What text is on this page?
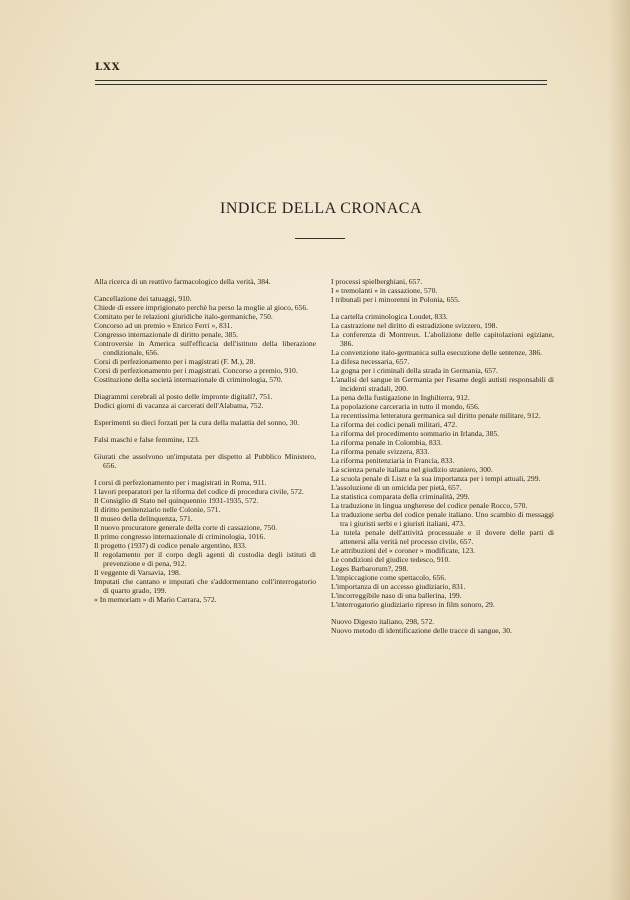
LXX
INDICE DELLA CRONACA

Alla ricerca di un reattivo farmacologico della verità, 384.

Cancellazione dei tatuaggi, 910.

Chiede di essere imprigionato perchè ha perso la moglie al gioco, 656.

Comitato per le relazioni giuridiche italo-germaniche, 750.

Concorso ad un premio « Enrico Ferri », 831.

Congresso internazionale di diritto penale, 385.

Controversie in America sull'efficacia dell'istituto della liberazione condizionale, 656.

Corsi di perfezionamento per i magistrati (F. M.), 28.

Corsi di perfezionamento per i magistrati. Concorso a premio, 910.

Costituzione della società internazionale di criminologia, 570.

Diagrammi cerebrali al posto delle impronte digitali?, 751.

Dodici giorni di vacanza ai carcerati dell'Alabama, 752.

Esperimenti su dieci forzati per la cura della malattia del sonno, 30.

Falsi maschi e false femmine, 123.

Giurati che assolvono un'imputata per dispetto al Pubblico Ministero, 656.

I corsi di perfezionamento per i magistrati in Roma, 911.

I lavori preparatori per la riforma del codice di procedura civile, 572.

Il Consiglio di Stato nel quinquennio 1931-1935, 572.

Il diritto penitenziario nelle Colonie, 571.

Il museo della delinquenza, 571.

Il nuovo procuratore generale della corte di cassazione, 750.

Il primo congresso internazionale di criminologia, 1016.

Il progetto (1937) di codice penale argentino, 833.

Il regolamento per il corpo degli agenti di custodia degli istituti di prevenzione e di pena, 912.

Il veggente di Varsavia, 198.

Imputati che cantano e imputati che s'addormentano coll'interrogatorio di quarto grado, 199.

« In memoriam » di Mario Carrara, 572.

I processi spielberghiani, 657.

I « tremolanti » in cassazione, 570.

I tribunali per i minorenni in Polonia, 655.

La cartella criminologica Loudet, 833.

La castrazione nel diritto di estradizione svizzero, 198.

La conferenza di Montreux. L'abolizione delle capitolazioni egiziane, 386.

La convenzione italo-germanica sulla esecuzione delle sentenze, 386.

La difesa necessaria, 657.

La gogna per i criminali della strada in Germania, 657.

L'analisi del sangue in Germania per l'esame degli autisti responsabili di incidenti stradali, 200.

La pena della fustigazione in Inghilterra, 912.

La popolazione carceraria in tutto il mondo, 656.

La recentissima letteratura germanica sul diritto penale militare, 912.

La riforma dei codici penali militari, 472.

La riforma del procedimento sommario in Irlanda, 385.

La riforma penale in Colombia, 833.

La riforma penale svizzera, 833.

La riforma penitenziaria in Francia, 833.

La scienza penale italiana nel giudizio straniero, 300.

La scuola penale di Liszt e la sua importanza per i tempi attuali, 299.

L'assoluzione di un omicida per pietà, 657.

La statistica comparata della criminalità, 299.

La traduzione in lingua ungherese del codice penale Rocco, 570.

La traduzione serba del codice penale italiano. Uno scambio di messaggi tra i giuristi serbi e i giuristi italiani, 473.

La tutela penale dell'attività processuale e il dovere delle parti di attenersi alla verità nel processo civile, 657.

Le attribuzioni del « coroner » modificate, 123.

Le condizioni del giudice tedesco, 910.

Leges Barbarorum?, 298.

L'impiccagione come spettacolo, 656.

L'importanza di un accesso giudiziario, 831.

L'incorreggibile naso di una ballerina, 199.

L'interrogatorio giudiziario ripreso in film sonoro, 29.

Nuovo Digesto italiano, 298, 572.

Nuovo metodo di identificazione delle tracce di sangue, 30.
